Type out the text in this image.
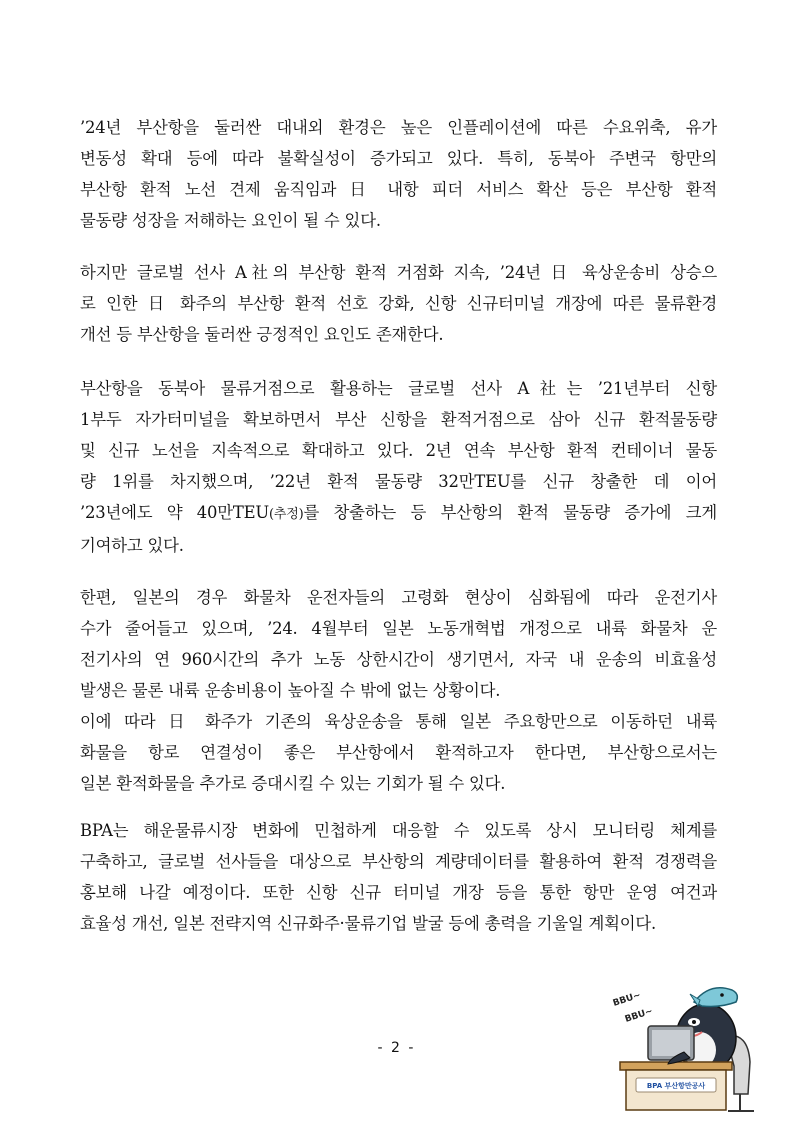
’24년 부산항을 둘러싼 대내외 환경은 높은 인플레이션에 따른 수요위축, 유가
변동성 확대 등에 따라 불확실성이 증가되고 있다. 특히, 동북아 주변국 항만의
부산항 환적 노선 견제 움직임과 日 내항 피더 서비스 확산 등은 부산항 환적
물동량 성장을 저해하는 요인이 될 수 있다.
하지만 글로벌 선사 A社의 부산항 환적 거점화 지속, ’24년 日 육상운송비 상승으
로 인한 日 화주의 부산항 환적 선호 강화, 신항 신규터미널 개장에 따른 물류환경
개선 등 부산항을 둘러싼 긍정적인 요인도 존재한다.
부산항을 동북아 물류거점으로 활용하는 글로벌 선사 A社는 ’21년부터 신항
1부두 자가터미널을 확보하면서 부산 신항을 환적거점으로 삼아 신규 환적물동량
및 신규 노선을 지속적으로 확대하고 있다. 2년 연속 부산항 환적 컨테이너 물동
량 1위를 차지했으며, ’22년 환적 물동량 32만TEU를 신규 창출한 데 이어
’23년에도 약 40만TEU(추정)를 창출하는 등 부산항의 환적 물동량 증가에 크게
기여하고 있다.
한편, 일본의 경우 화물차 운전자들의 고령화 현상이 심화됨에 따라 운전기사
수가 줄어들고 있으며, ’24. 4월부터 일본 노동개혁법 개정으로 내륙 화물차 운
전기사의 연 960시간의 추가 노동 상한시간이 생기면서, 자국 내 운송의 비효율성
발생은 물론 내륙 운송비용이 높아질 수 밖에 없는 상황이다.
이에 따라 日 화주가 기존의 육상운송을 통해 일본 주요항만으로 이동하던 내륙
화물을 항로 연결성이 좋은 부산항에서 환적하고자 한다면, 부산항으로서는
일본 환적화물을 추가로 증대시킬 수 있는 기회가 될 수 있다.
BPA는 해운물류시장 변화에 민첩하게 대응할 수 있도록 상시 모니터링 체계를
구축하고, 글로벌 선사들을 대상으로 부산항의 계량데이터를 활용하여 환적 경쟁력을
홍보해 나갈 예정이다. 또한 신항 신규 터미널 개장 등을 통한 항만 운영 여건과
효율성 개선, 일본 전략지역 신규화주·물류기업 발굴 등에 총력을 기울일 계획이다.
- 2 -
BBU~
BBU~
BPA 부산항만공사
